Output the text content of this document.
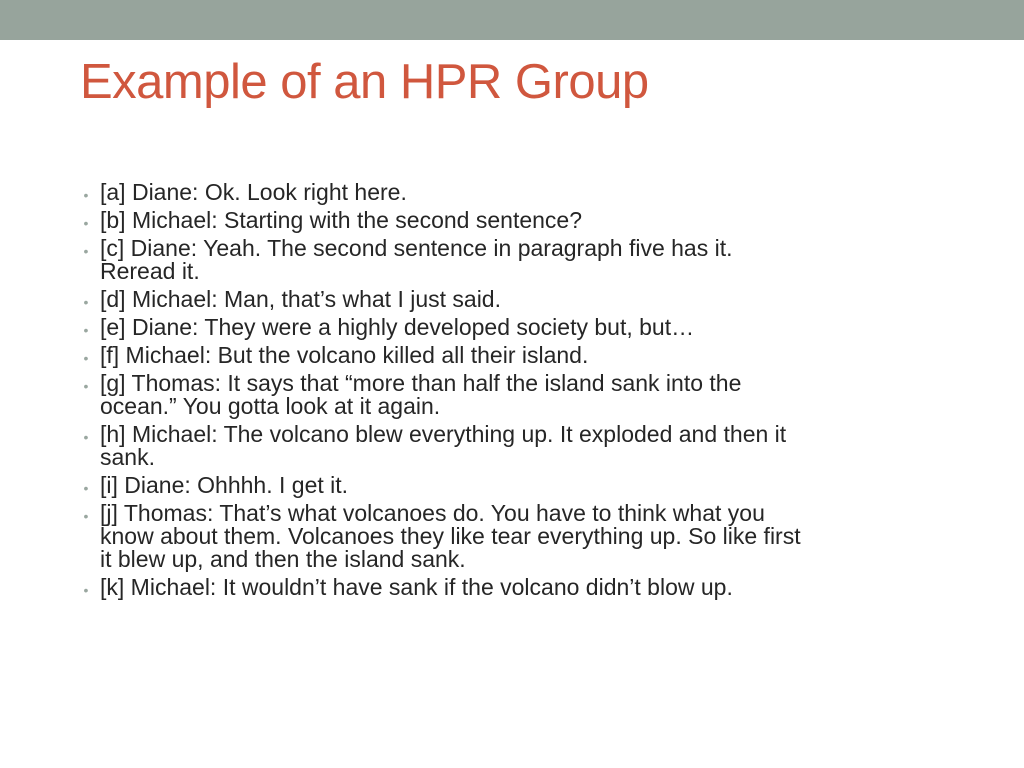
Example of an HPR Group
• [a] Diane: Ok. Look right here.
• [b] Michael: Starting with the second sentence?
• [c] Diane: Yeah. The second sentence in paragraph five has it.
Reread it.
• [d] Michael: Man, that’s what I just said.
• [e] Diane: They were a highly developed society but, but…
• [f] Michael: But the volcano killed all their island.
• [g] Thomas: It says that “more than half the island sank into the
ocean.” You gotta look at it again.
• [h] Michael: The volcano blew everything up. It exploded and then it
sank.
• [i] Diane: Ohhhh. I get it.
• [j] Thomas: That’s what volcanoes do. You have to think what you
know about them. Volcanoes they like tear everything up. So like first
it blew up, and then the island sank.
• [k] Michael: It wouldn’t have sank if the volcano didn’t blow up.
